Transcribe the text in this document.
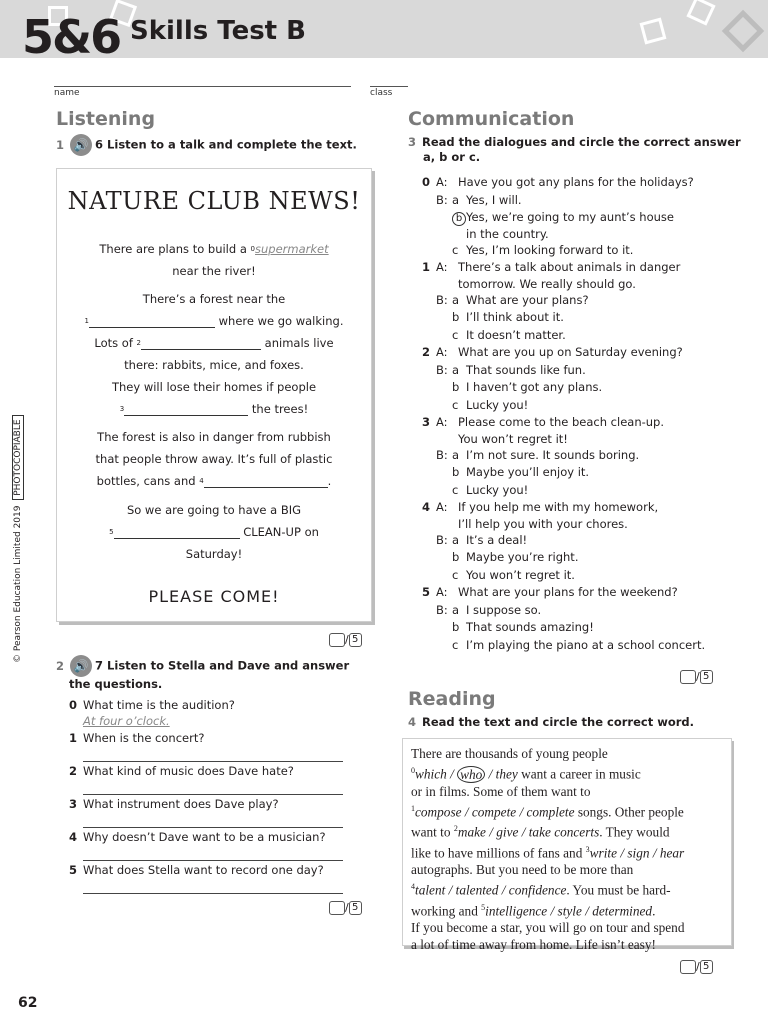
5&6 Skills Test B
name	class
© Pearson Education Limited 2019  PHOTOCOPIABLE
Listening
1 🔊 6 Listen to a talk and complete the text.
NATURE CLUB NEWS!
There are plans to build a $^0$supermarket
near the river!
There’s a forest near the
$^1$	where we go walking.
Lots of $^2$	animals live
there: rabbits, mice, and foxes.
They will lose their homes if people
$^3$	the trees!
The forest is also in danger from rubbish
that people throw away. It’s full of plastic
bottles, cans and $^4$	.
So we are going to have a BIG
$^5$	CLEAN-UP on
Saturday!
PLEASE COME!
/ 5
2 🔊 7 Listen to Stella and Dave and answer
the questions.
0 What time is the audition?
At four o’clock.
1 When is the concert?
2 What kind of music does Dave hate?
3 What instrument does Dave play?
4 Why doesn’t Dave want to be a musician?
5 What does Stella want to record one day?
/ 5
Communication
3 Read the dialogues and circle the correct answer
a, b or c.
0 A: Have you got any plans for the holidays?
B: a Yes, I will.
b Yes, we’re going to my aunt’s house
in the country.
c Yes, I’m looking forward to it.
1 A: There’s a talk about animals in danger
tomorrow. We really should go.
B: a What are your plans?
b I’ll think about it.
c It doesn’t matter.
2 A: What are you up on Saturday evening?
B: a That sounds like fun.
b I haven’t got any plans.
c Lucky you!
3 A: Please come to the beach clean-up.
You won’t regret it!
B: a I’m not sure. It sounds boring.
b Maybe you’ll enjoy it.
c Lucky you!
4 A: If you help me with my homework,
I’ll help you with your chores.
B: a It’s a deal!
b Maybe you’re right.
c You won’t regret it.
5 A: What are your plans for the weekend?
B: a I suppose so.
b That sounds amazing!
c I’m playing the piano at a school concert.
/ 5
Reading
4 Read the text and circle the correct word.
There are thousands of young people
$^0$which / who / they want a career in music
or in films. Some of them want to
$^1$compose / compete / complete songs. Other people
want to $^2$make / give / take concerts. They would
like to have millions of fans and $^3$write / sign / hear
autographs. But you need to be more than
$^4$talent / talented / confidence. You must be hard-
working and $^5$intelligence / style / determined.
If you become a star, you will go on tour and spend
a lot of time away from home. Life isn’t easy!
/ 5
62
